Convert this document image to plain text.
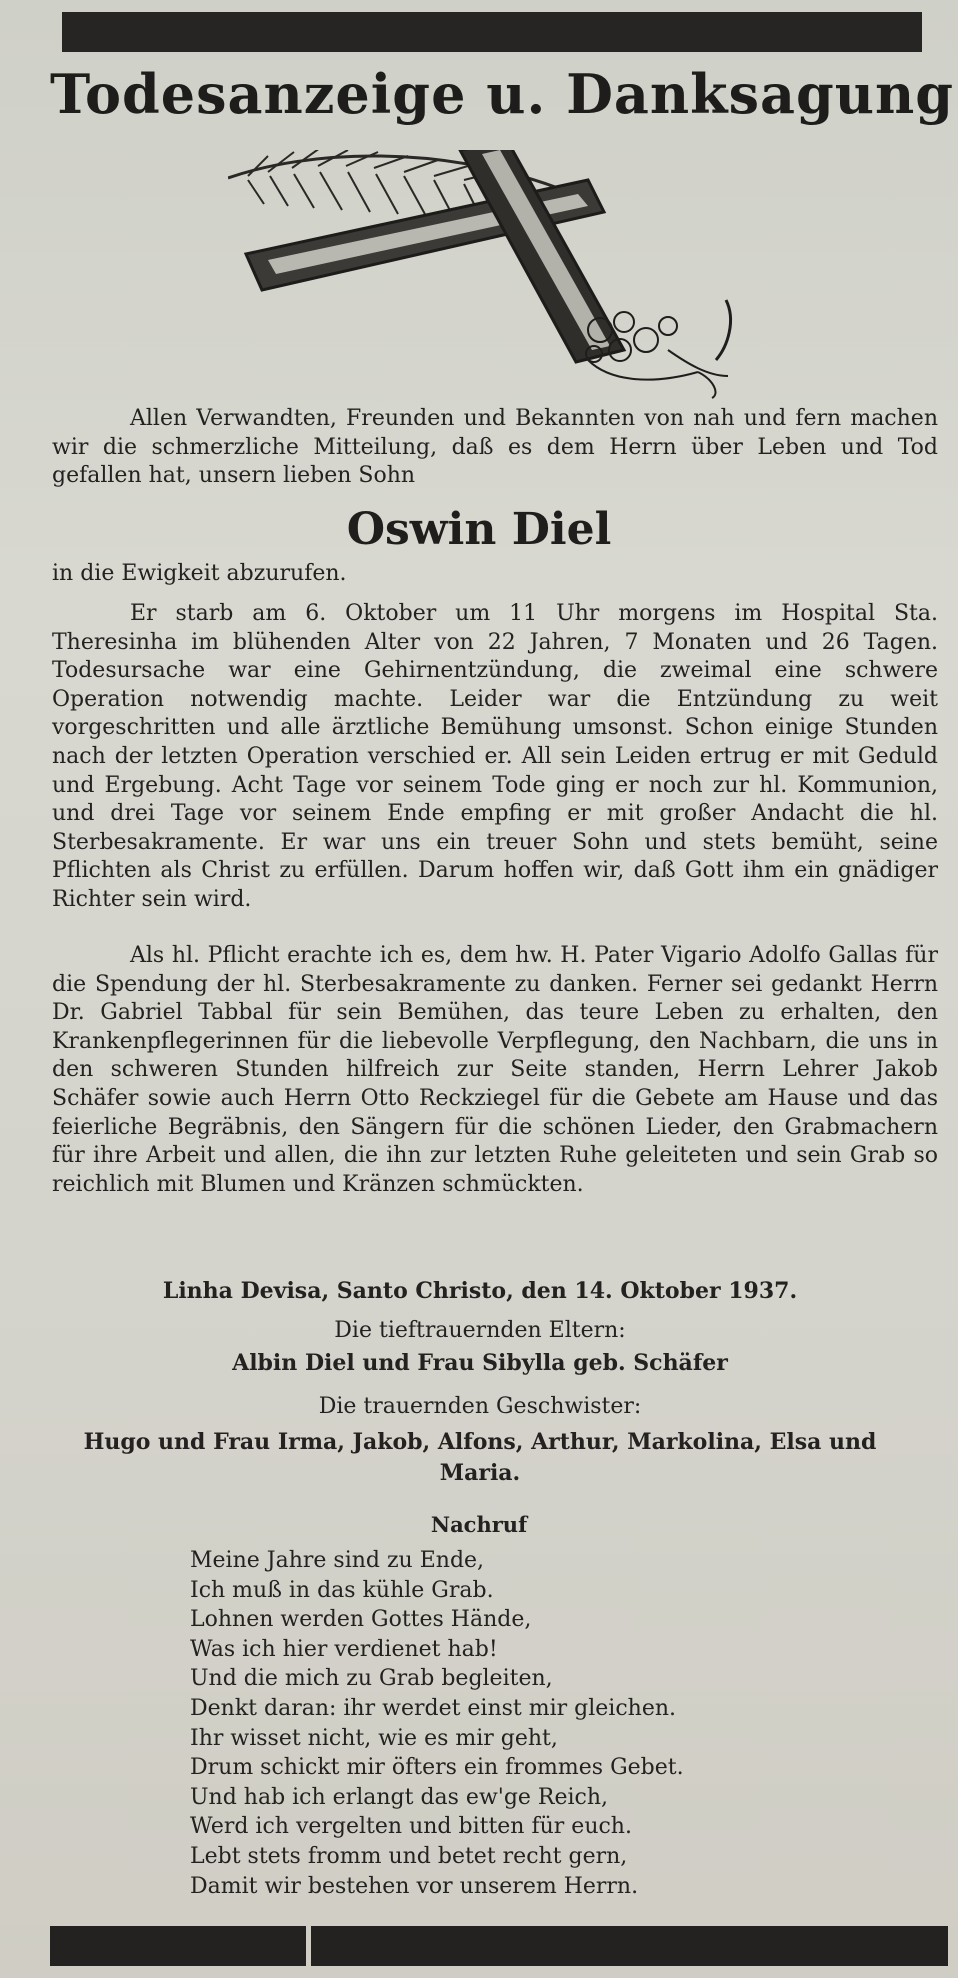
Todesanzeige u. Danksagung

Allen Verwandten, Freunden und Bekannten von nah und fern machen wir die schmerzliche Mitteilung, daß es dem Herrn über Leben und Tod gefallen hat, unsern lieben Sohn

Oswin Diel

in die Ewigkeit abzurufen.

Er starb am 6. Oktober um 11 Uhr morgens im Hospital Sta. Theresinha im blühenden Alter von 22 Jahren, 7 Monaten und 26 Tagen. Todesursache war eine Gehirnentzündung, die zweimal eine schwere Operation notwendig machte. Leider war die Entzündung zu weit vorgeschritten und alle ärztliche Bemühung umsonst. Schon einige Stunden nach der letzten Operation verschied er. All sein Leiden ertrug er mit Geduld und Ergebung. Acht Tage vor seinem Tode ging er noch zur hl. Kommunion, und drei Tage vor seinem Ende empfing er mit großer Andacht die hl. Sterbesakramente. Er war uns ein treuer Sohn und stets bemüht, seine Pflichten als Christ zu erfüllen. Darum hoffen wir, daß Gott ihm ein gnädiger Richter sein wird.

Als hl. Pflicht erachte ich es, dem hw. H. Pater Vigario Adolfo Gallas für die Spendung der hl. Sterbesakramente zu danken. Ferner sei gedankt Herrn Dr. Gabriel Tabbal für sein Bemühen, das teure Leben zu erhalten, den Krankenpflegerinnen für die liebevolle Verpflegung, den Nachbarn, die uns in den schweren Stunden hilfreich zur Seite standen, Herrn Lehrer Jakob Schäfer sowie auch Herrn Otto Reckziegel für die Gebete am Hause und das feierliche Begräbnis, den Sängern für die schönen Lieder, den Grabmachern für ihre Arbeit und allen, die ihn zur letzten Ruhe geleiteten und sein Grab so reichlich mit Blumen und Kränzen schmückten.

Linha Devisa, Santo Christo, den 14. Oktober 1937.

Die tieftrauernden Eltern:

Albin Diel und Frau Sibylla geb. Schäfer

Die trauernden Geschwister:

Hugo und Frau Irma, Jakob, Alfons, Arthur, Markolina, Elsa und Maria.

Nachruf
Meine Jahre sind zu Ende,
Ich muß in das kühle Grab.
Lohnen werden Gottes Hände,
Was ich hier verdienet hab!
Und die mich zu Grab begleiten,
Denkt daran: ihr werdet einst mir gleichen.
Ihr wisset nicht, wie es mir geht,
Drum schickt mir öfters ein frommes Gebet.
Und hab ich erlangt das ew'ge Reich,
Werd ich vergelten und bitten für euch.
Lebt stets fromm und betet recht gern,
Damit wir bestehen vor unserem Herrn.
